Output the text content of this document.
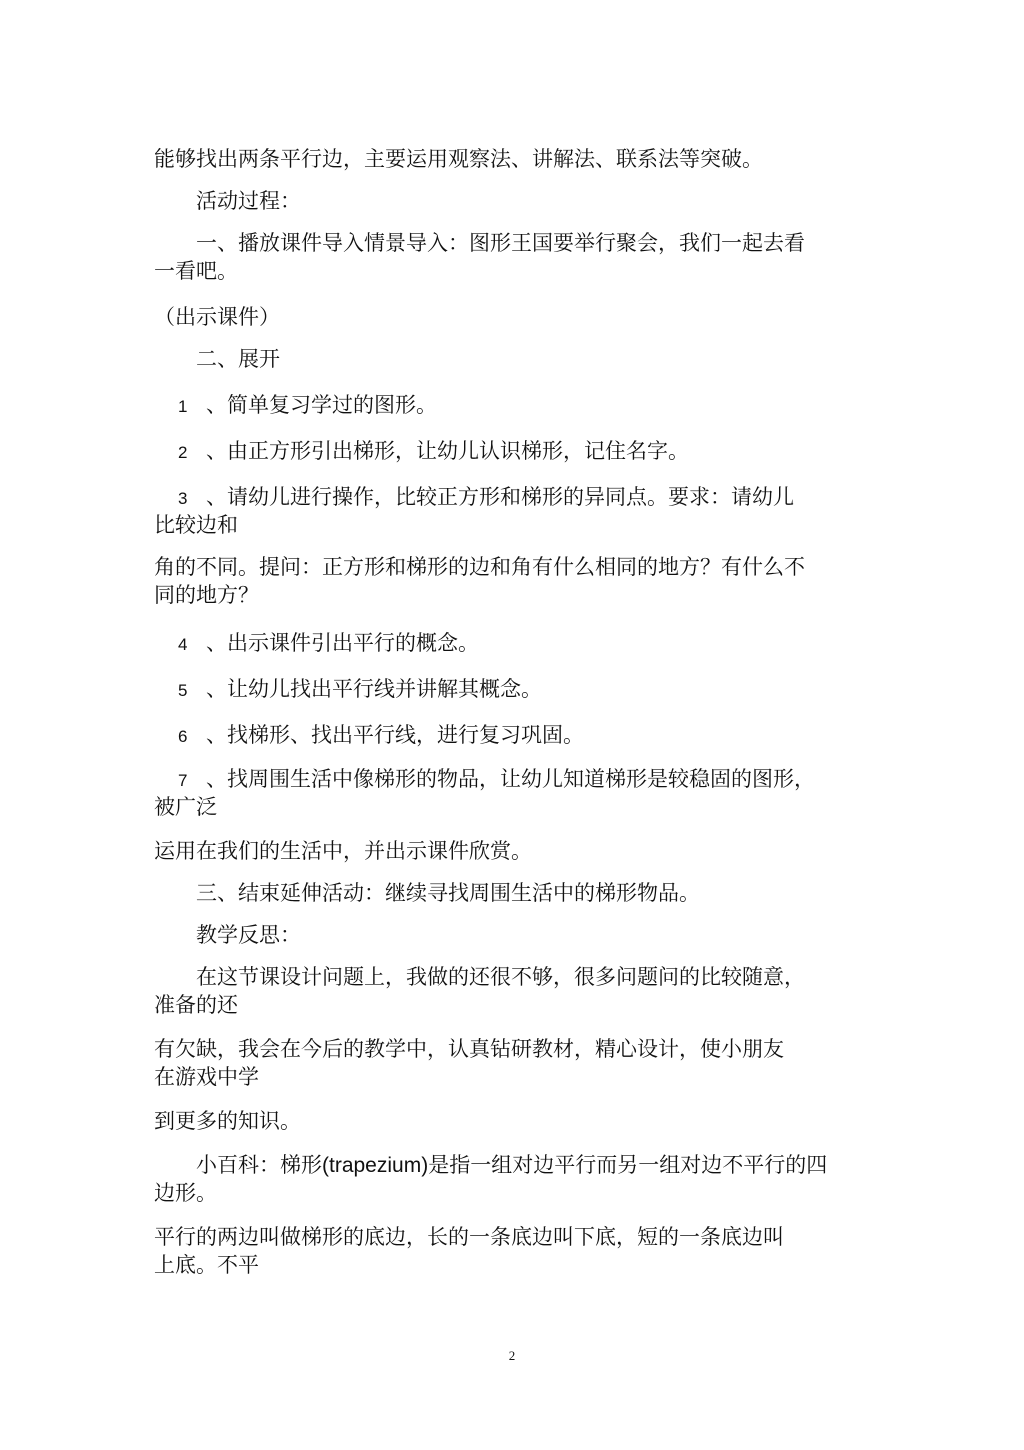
能够找出两条平行边，主要运用观察法、讲解法、联系法等突破。
活动过程：
一、播放课件导入情景导入：图形王国要举行聚会，我们一起去看
一看吧。
（出示课件）
二、展开
1 、简单复习学过的图形。
2 、由正方形引出梯形，让幼儿认识梯形，记住名字。
3 、请幼儿进行操作，比较正方形和梯形的异同点。要求：请幼儿
比较边和
角的不同。提问：正方形和梯形的边和角有什么相同的地方？有什么不
同的地方？
4 、出示课件引出平行的概念。
5 、让幼儿找出平行线并讲解其概念。
6 、找梯形、找出平行线，进行复习巩固。
7 、找周围生活中像梯形的物品，让幼儿知道梯形是较稳固的图形，
被广泛
运用在我们的生活中，并出示课件欣赏。
三、结束延伸活动：继续寻找周围生活中的梯形物品。
教学反思：
在这节课设计问题上，我做的还很不够，很多问题问的比较随意，
准备的还
有欠缺，我会在今后的教学中，认真钻研教材，精心设计，使小朋友
在游戏中学
到更多的知识。
小百科：梯形(trapezium)是指一组对边平行而另一组对边不平行的四
边形。
平行的两边叫做梯形的底边，长的一条底边叫下底，短的一条底边叫
上底。不平
2
